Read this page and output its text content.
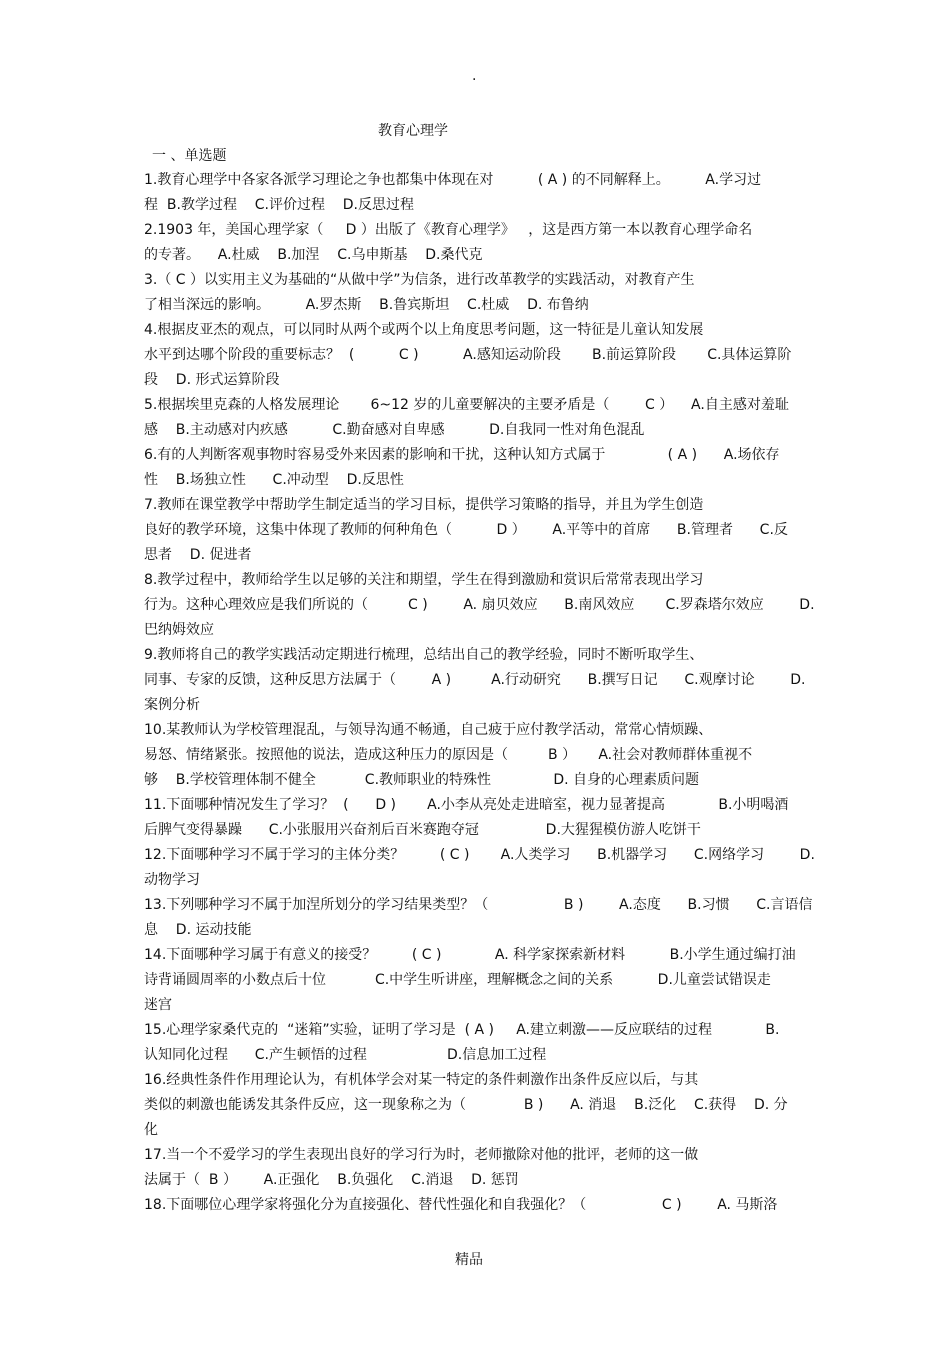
·
教育心理学
一 、单选题
1.教育心理学中各家各派学习理论之争也都集中体现在对          ( A ) 的不同解释上。        A.学习过
程  B.教学过程    C.评价过程    D.反思过程
2.1903 年，美国心理学家（     D ）出版了《教育心理学》   ，这是西方第一本以教育心理学命名
的专著。    A.杜威    B.加涅    C.乌申斯基    D.桑代克
3.（ C ）以实用主义为基础的“从做中学”为信条，进行改革教学的实践活动，对教育产生
了相当深远的影响。        A.罗杰斯    B.鲁宾斯坦    C.杜威    D. 布鲁纳
4.根据皮亚杰的观点，可以同时从两个或两个以上角度思考问题，这一特征是儿童认知发展
水平到达哪个阶段的重要标志？  (          C )          A.感知运动阶段       B.前运算阶段       C.具体运算阶
段    D. 形式运算阶段
5.根据埃里克森的人格发展理论       6~12 岁的儿童要解决的主要矛盾是（        C ）    A.自主感对羞耻
感    B.主动感对内疚感          C.勤奋感对自卑感          D.自我同一性对角色混乱
6.有的人判断客观事物时容易受外来因素的影响和干扰，这种认知方式属于              ( A )      A.场依存
性    B.场独立性      C.冲动型    D.反思性
7.教师在课堂教学中帮助学生制定适当的学习目标，提供学习策略的指导，并且为学生创造
良好的教学环境，这集中体现了教师的何种角色（          D ）      A.平等中的首席      B.管理者      C.反
思者    D. 促进者
8.教学过程中，教师给学生以足够的关注和期望，学生在得到激励和赏识后常常表现出学习
行为。这种心理效应是我们所说的（         C )        A. 扇贝效应      B.南风效应       C.罗森塔尔效应        D.
巴纳姆效应
9.教师将自己的教学实践活动定期进行梳理，总结出自己的教学经验，同时不断听取学生、
同事、专家的反馈，这种反思方法属于（        A )         A.行动研究      B.撰写日记      C.观摩讨论        D.
案例分析
10.某教师认为学校管理混乱，与领导沟通不畅通，自己疲于应付教学活动，常常心情烦躁、
易怒、情绪紧张。按照他的说法，造成这种压力的原因是（         B ）     A.社会对教师群体重视不
够    B.学校管理体制不健全           C.教师职业的特殊性              D. 自身的心理素质问题
11.下面哪种情况发生了学习？  (      D )       A.小李从亮处走进暗室，视力显著提高            B.小明喝酒
后脾气变得暴躁      C.小张服用兴奋剂后百米赛跑夺冠               D.大猩猩模仿游人吃饼干
12.下面哪种学习不属于学习的主体分类？        ( C )       A.人类学习      B.机器学习      C.网络学习        D.
动物学习
13.下列哪种学习不属于加涅所划分的学习结果类型？（                 B )        A.态度      B.习惯      C.言语信
息    D. 运动技能
14.下面哪种学习属于有意义的接受？        ( C )            A. 科学家探索新材料          B.小学生通过编打油
诗背诵圆周率的小数点后十位           C.中学生听讲座，理解概念之间的关系          D.儿童尝试错误走
迷宫
15.心理学家桑代克的  “迷箱”实验，证明了学习是  ( A )     A.建立刺激——反应联结的过程            B.
认知同化过程      C.产生顿悟的过程                  D.信息加工过程
16.经典性条件作用理论认为，有机体学会对某一特定的条件刺激作出条件反应以后，与其
类似的刺激也能诱发其条件反应，这一现象称之为（             B )      A. 消退    B.泛化    C.获得    D. 分
化
17.当一个不爱学习的学生表现出良好的学习行为时，老师撤除对他的批评，老师的这一做
法属于（  B ）      A.正强化    B.负强化    C.消退    D. 惩罚
18.下面哪位心理学家将强化分为直接强化、替代性强化和自我强化？（                 C )        A. 马斯洛
精品
